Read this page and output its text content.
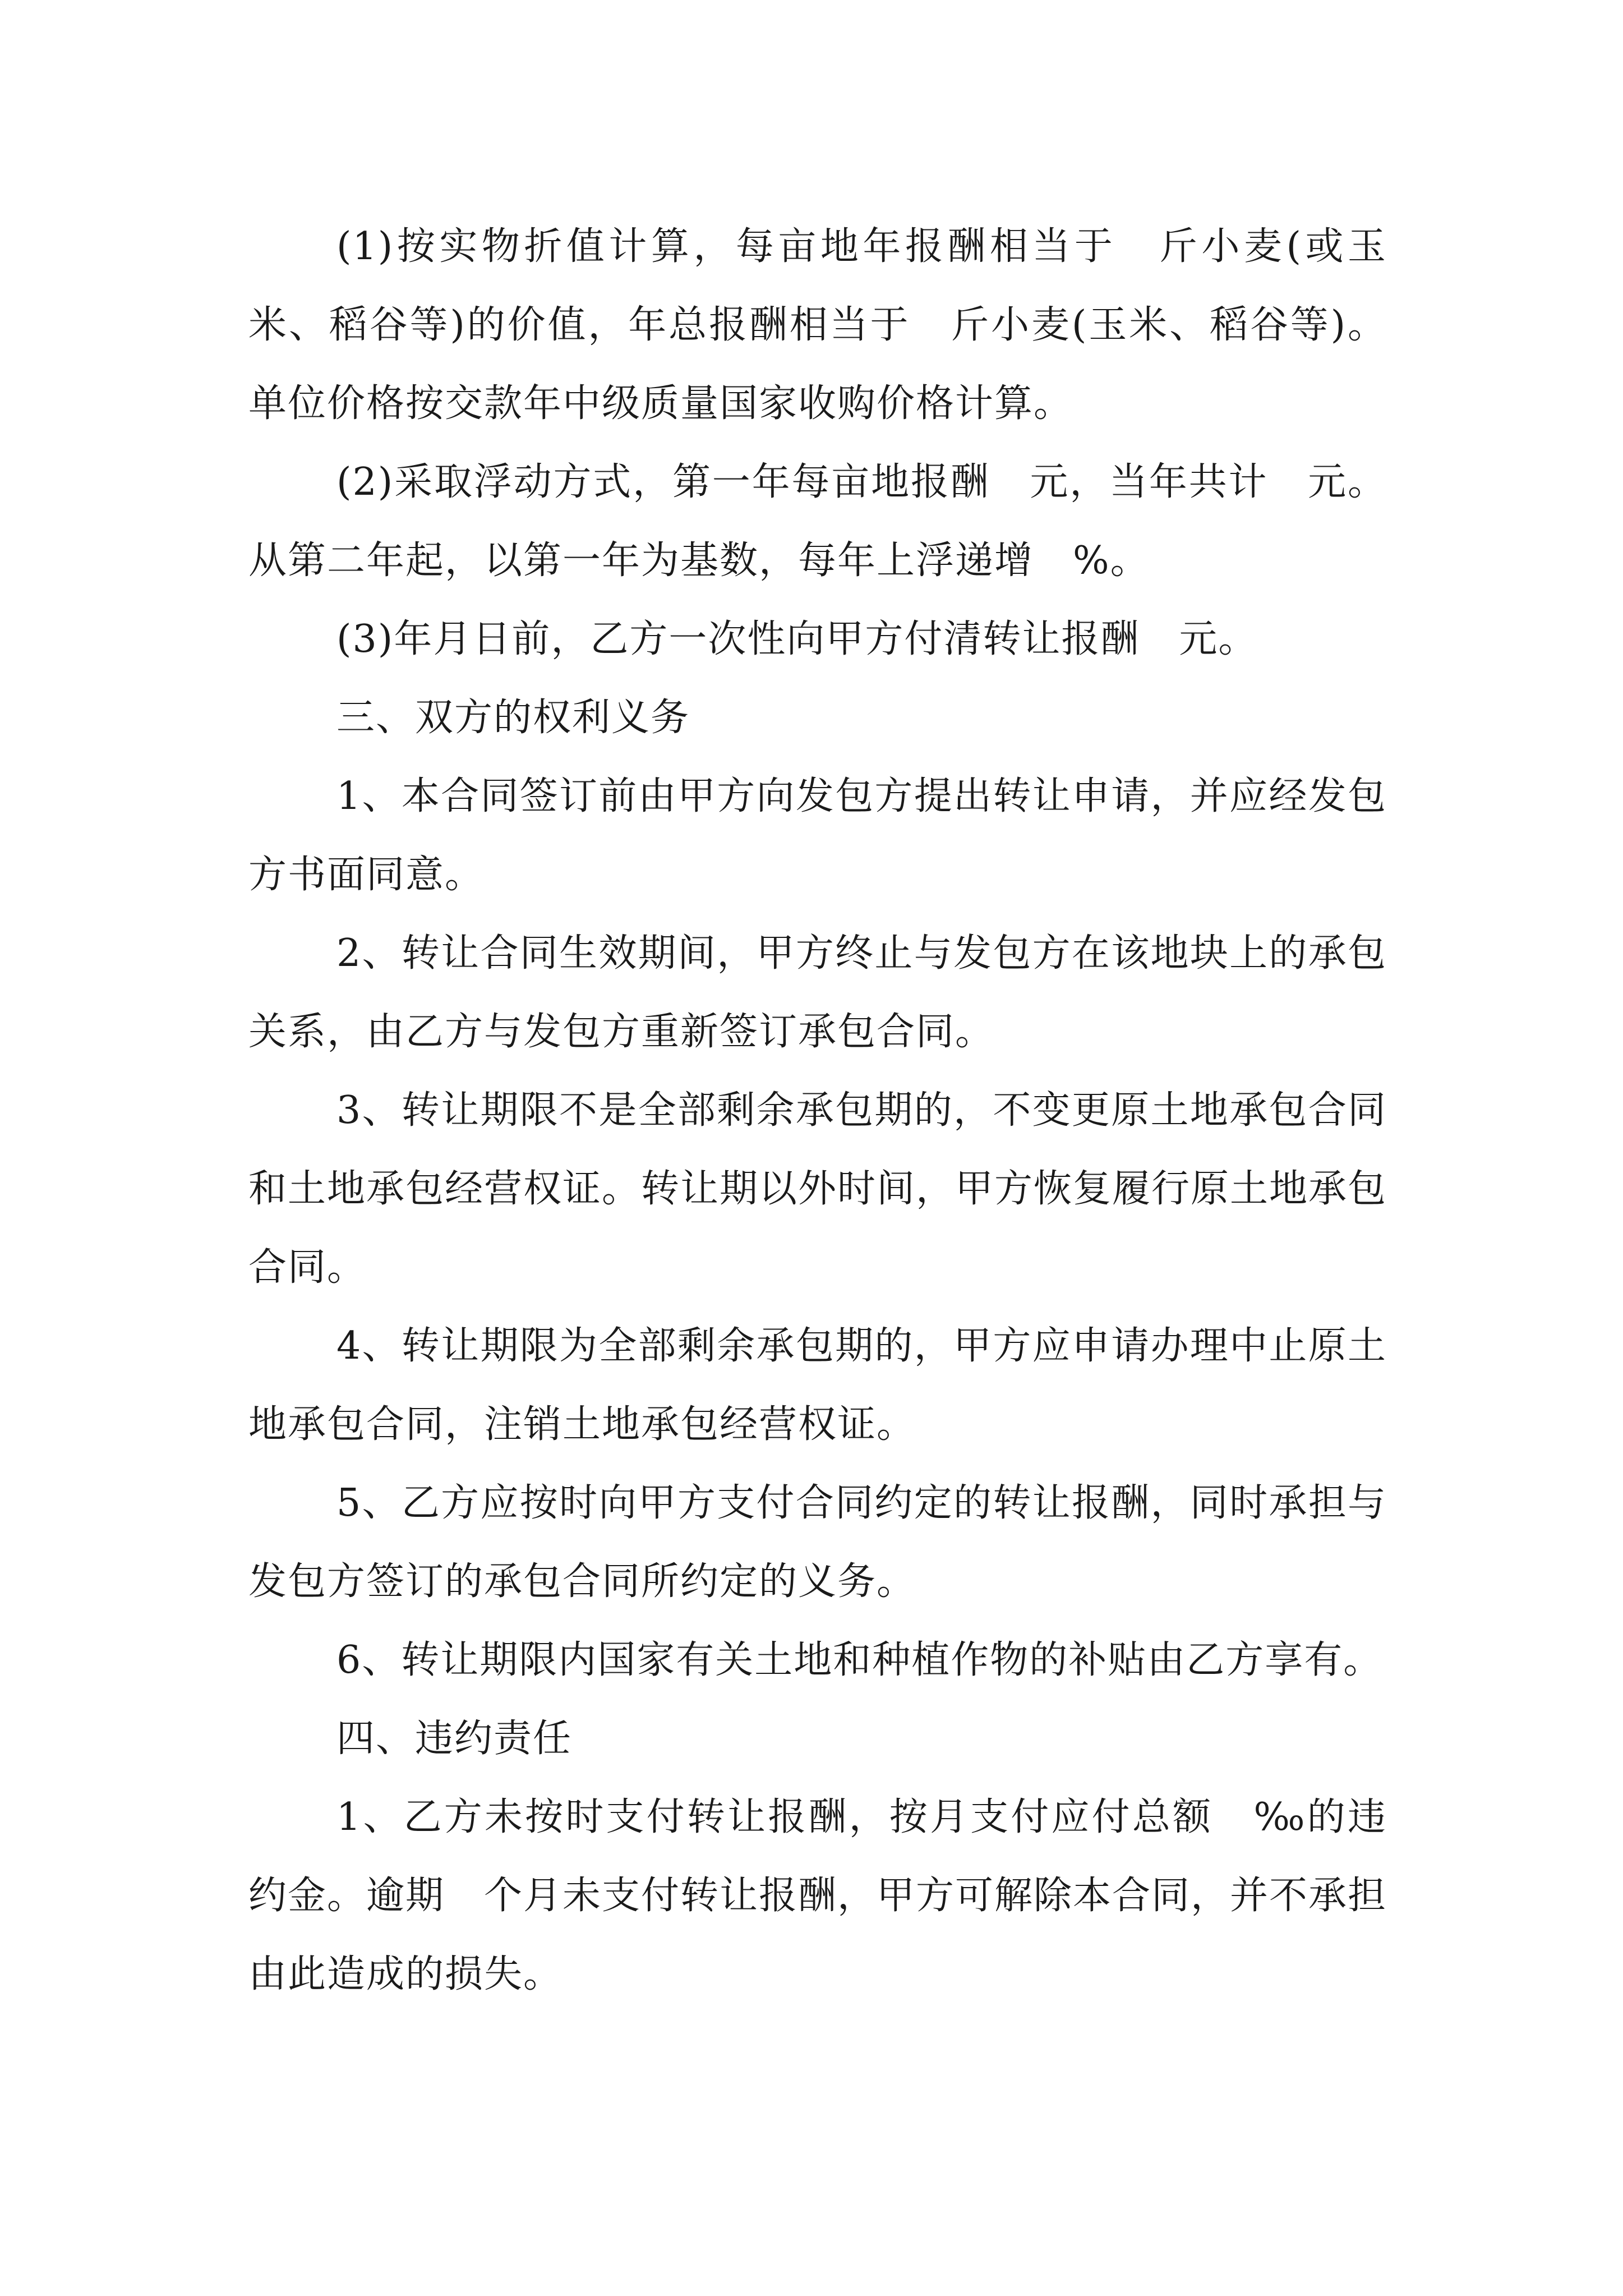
(1)按实物折值计算，每亩地年报酬相当于　斤小麦(或玉米、稻谷等)的价值，年总报酬相当于　斤小麦(玉米、稻谷等)。单位价格按交款年中级质量国家收购价格计算。

(2)采取浮动方式，第一年每亩地报酬　元，当年共计　元。从第二年起，以第一年为基数，每年上浮递增　%。

(3)年月日前，乙方一次性向甲方付清转让报酬　元。

三、双方的权利义务

1、本合同签订前由甲方向发包方提出转让申请，并应经发包方书面同意。

2、转让合同生效期间，甲方终止与发包方在该地块上的承包关系，由乙方与发包方重新签订承包合同。

3、转让期限不是全部剩余承包期的，不变更原土地承包合同和土地承包经营权证。转让期以外时间，甲方恢复履行原土地承包合同。

4、转让期限为全部剩余承包期的，甲方应申请办理中止原土地承包合同，注销土地承包经营权证。

5、乙方应按时向甲方支付合同约定的转让报酬，同时承担与发包方签订的承包合同所约定的义务。

6、转让期限内国家有关土地和种植作物的补贴由乙方享有。

四、违约责任

1、乙方未按时支付转让报酬，按月支付应付总额　‰的违约金。逾期　个月未支付转让报酬，甲方可解除本合同，并不承担由此造成的损失。
